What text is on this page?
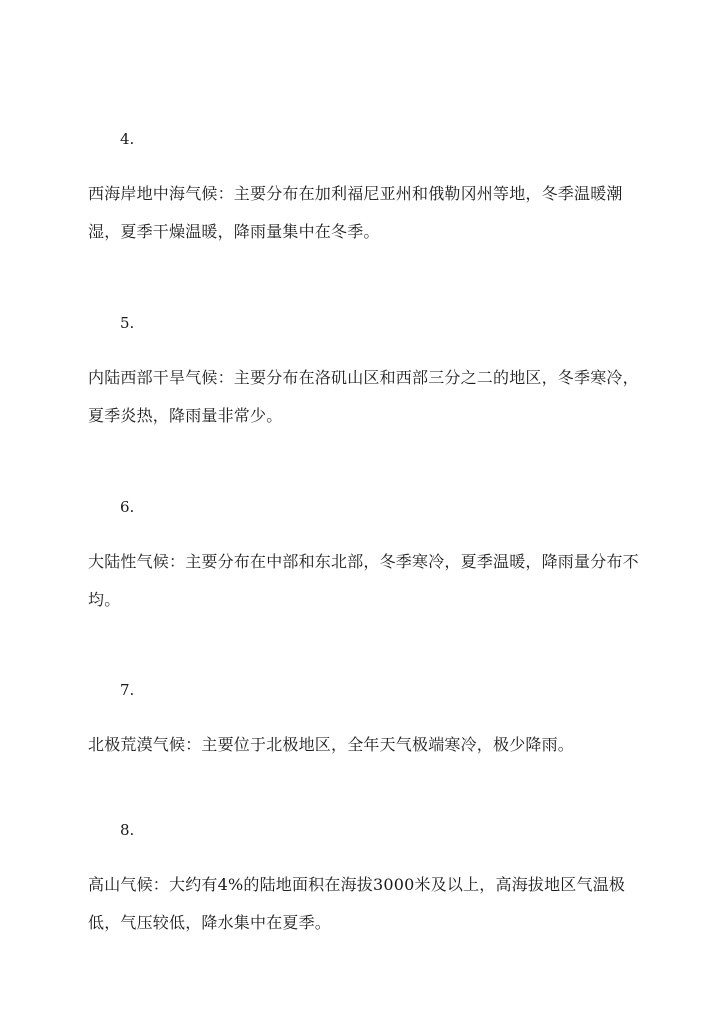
4.
西海岸地中海气候：主要分布在加利福尼亚州和俄勒冈州等地，冬季温暖潮湿，夏季干燥温暖，降雨量集中在冬季。
5.
内陆西部干旱气候：主要分布在洛矶山区和西部三分之二的地区，冬季寒冷，夏季炎热，降雨量非常少。
6.
大陆性气候：主要分布在中部和东北部，冬季寒冷，夏季温暖，降雨量分布不均。
7.
北极荒漠气候：主要位于北极地区，全年天气极端寒冷，极少降雨。
8.
高山气候：大约有4%的陆地面积在海拔3000米及以上，高海拔地区气温极低，气压较低，降水集中在夏季。
